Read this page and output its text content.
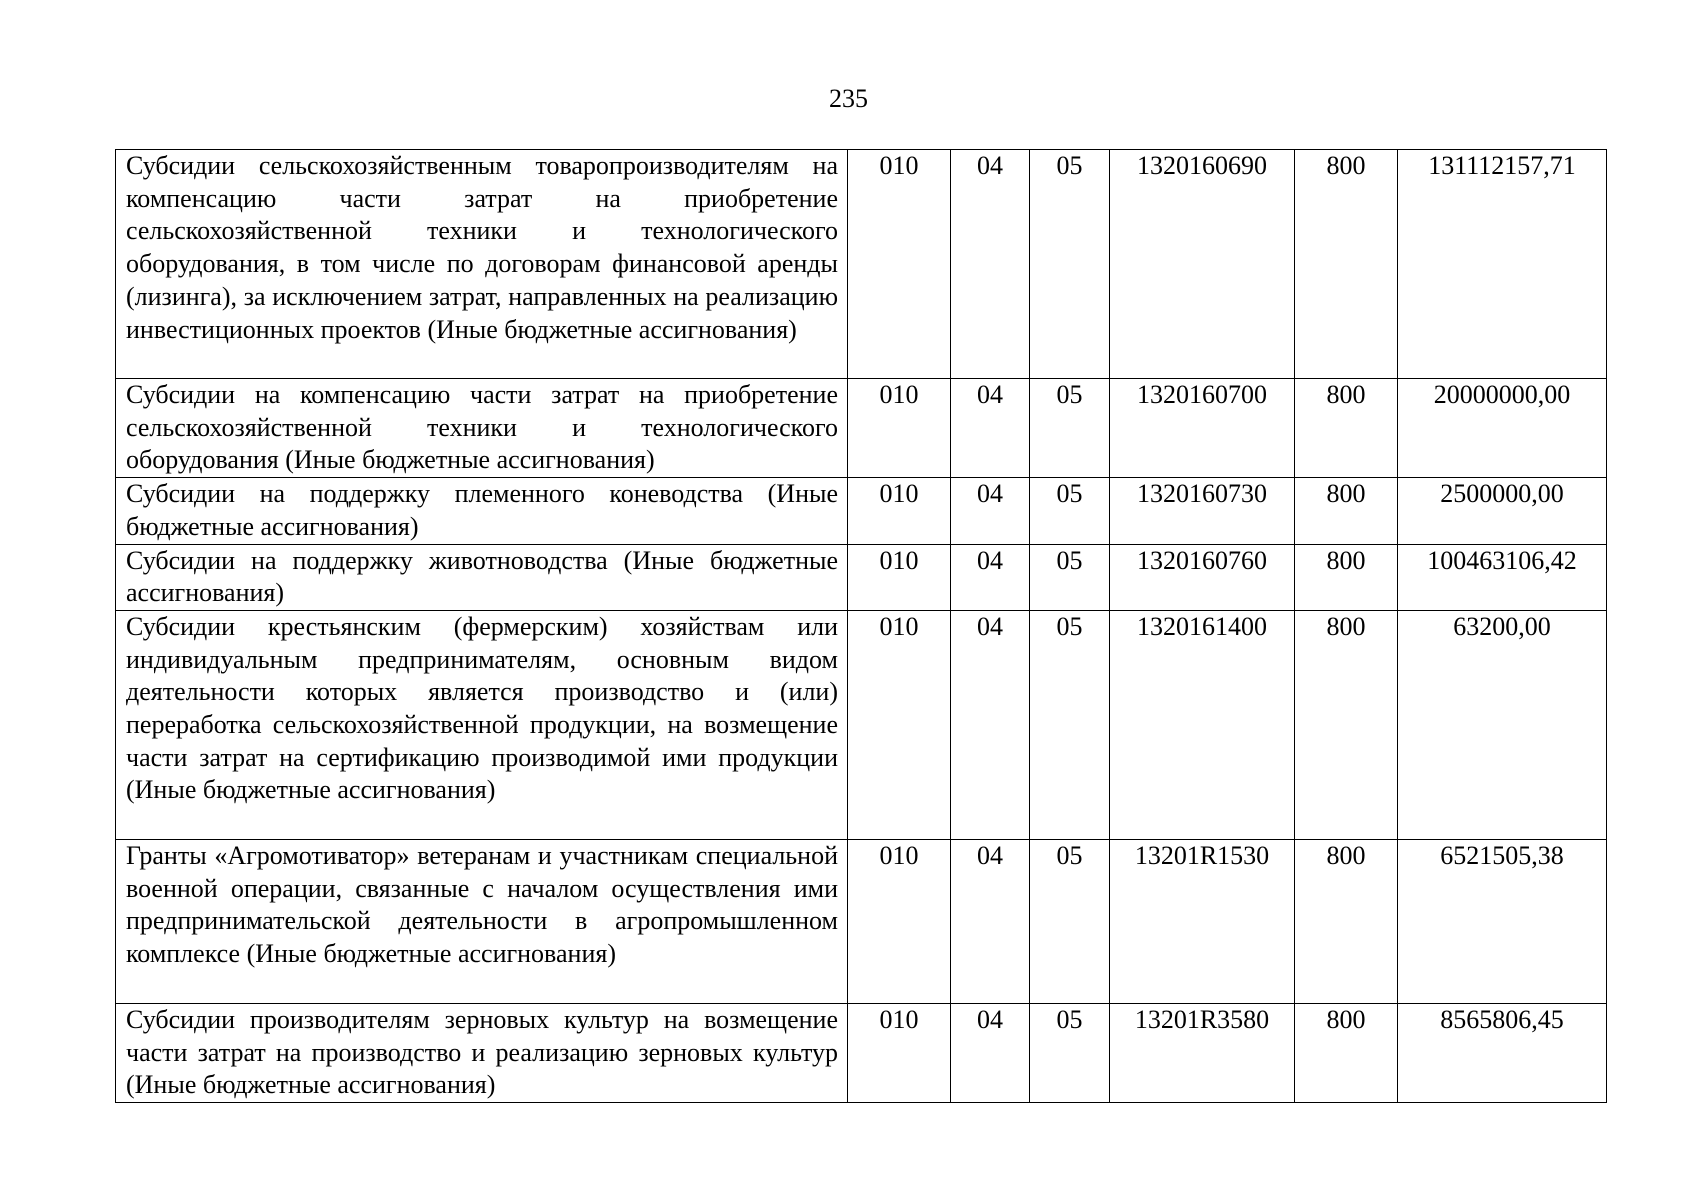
235
Субсидии сельскохозяйственным товаропроизводителям на компенсацию части затрат на приобретение сельскохозяйственной техники и технологического оборудования, в том числе по договорам финансовой аренды (лизинга), за исключением затрат, направленных на реализацию инвестиционных проектов (Иные бюджетные ассигнования)	010	04	05	1320160690	800	131112157,71
Субсидии на компенсацию части затрат на приобретение сельскохозяйственной техники и технологического оборудования (Иные бюджетные ассигнования)	010	04	05	1320160700	800	20000000,00
Субсидии на поддержку племенного коневодства (Иные бюджетные ассигнования)	010	04	05	1320160730	800	2500000,00
Субсидии на поддержку животноводства (Иные бюджетные ассигнования)	010	04	05	1320160760	800	100463106,42
Субсидии крестьянским (фермерским) хозяйствам или индивидуальным предпринимателям, основным видом деятельности которых является производство и (или) переработка сельскохозяйственной продукции, на возмещение части затрат на сертификацию производимой ими продукции (Иные бюджетные ассигнования)	010	04	05	1320161400	800	63200,00
Гранты «Агромотиватор» ветеранам и участникам специальной военной операции, связанные с началом осуществления ими предпринимательской деятельности в агропромышленном комплексе (Иные бюджетные ассигнования)	010	04	05	13201R1530	800	6521505,38
Субсидии производителям зерновых культур на возмещение части затрат на производство и реализацию зерновых культур (Иные бюджетные ассигнования)	010	04	05	13201R3580	800	8565806,45
